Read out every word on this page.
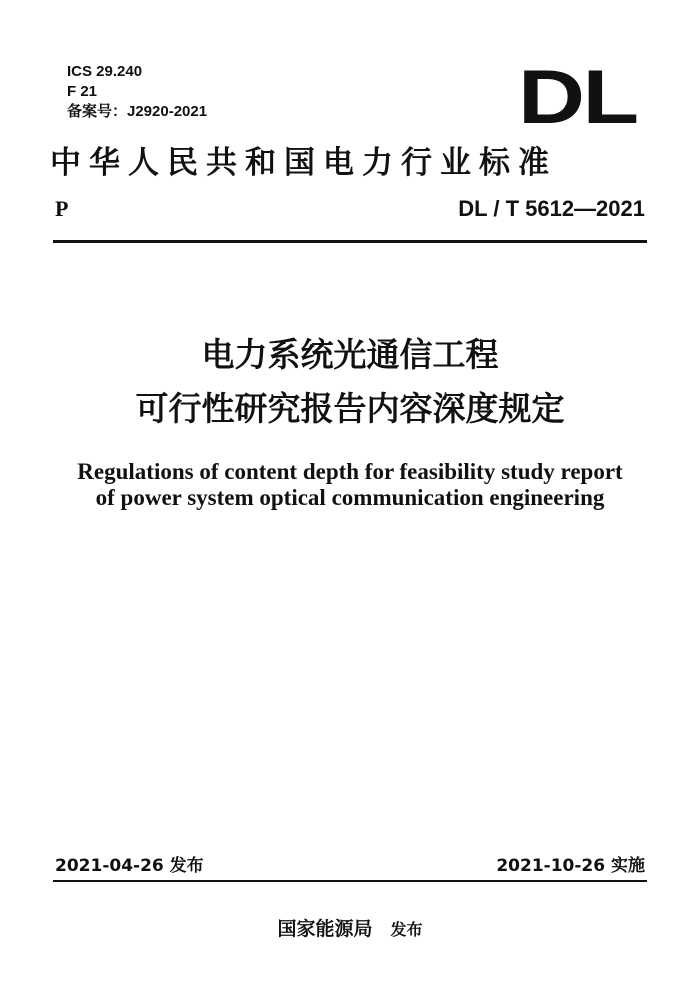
ICS 29.240
F 21
备案号：J2920-2021	DL
中华人民共和国电力行业标准
P	DL / T 5612—2021
电力系统光通信工程
可行性研究报告内容深度规定
Regulations of content depth for feasibility study report
of power system optical communication engineering
2021-04-26 发布	2021-10-26 实施
国家能源局 发布
